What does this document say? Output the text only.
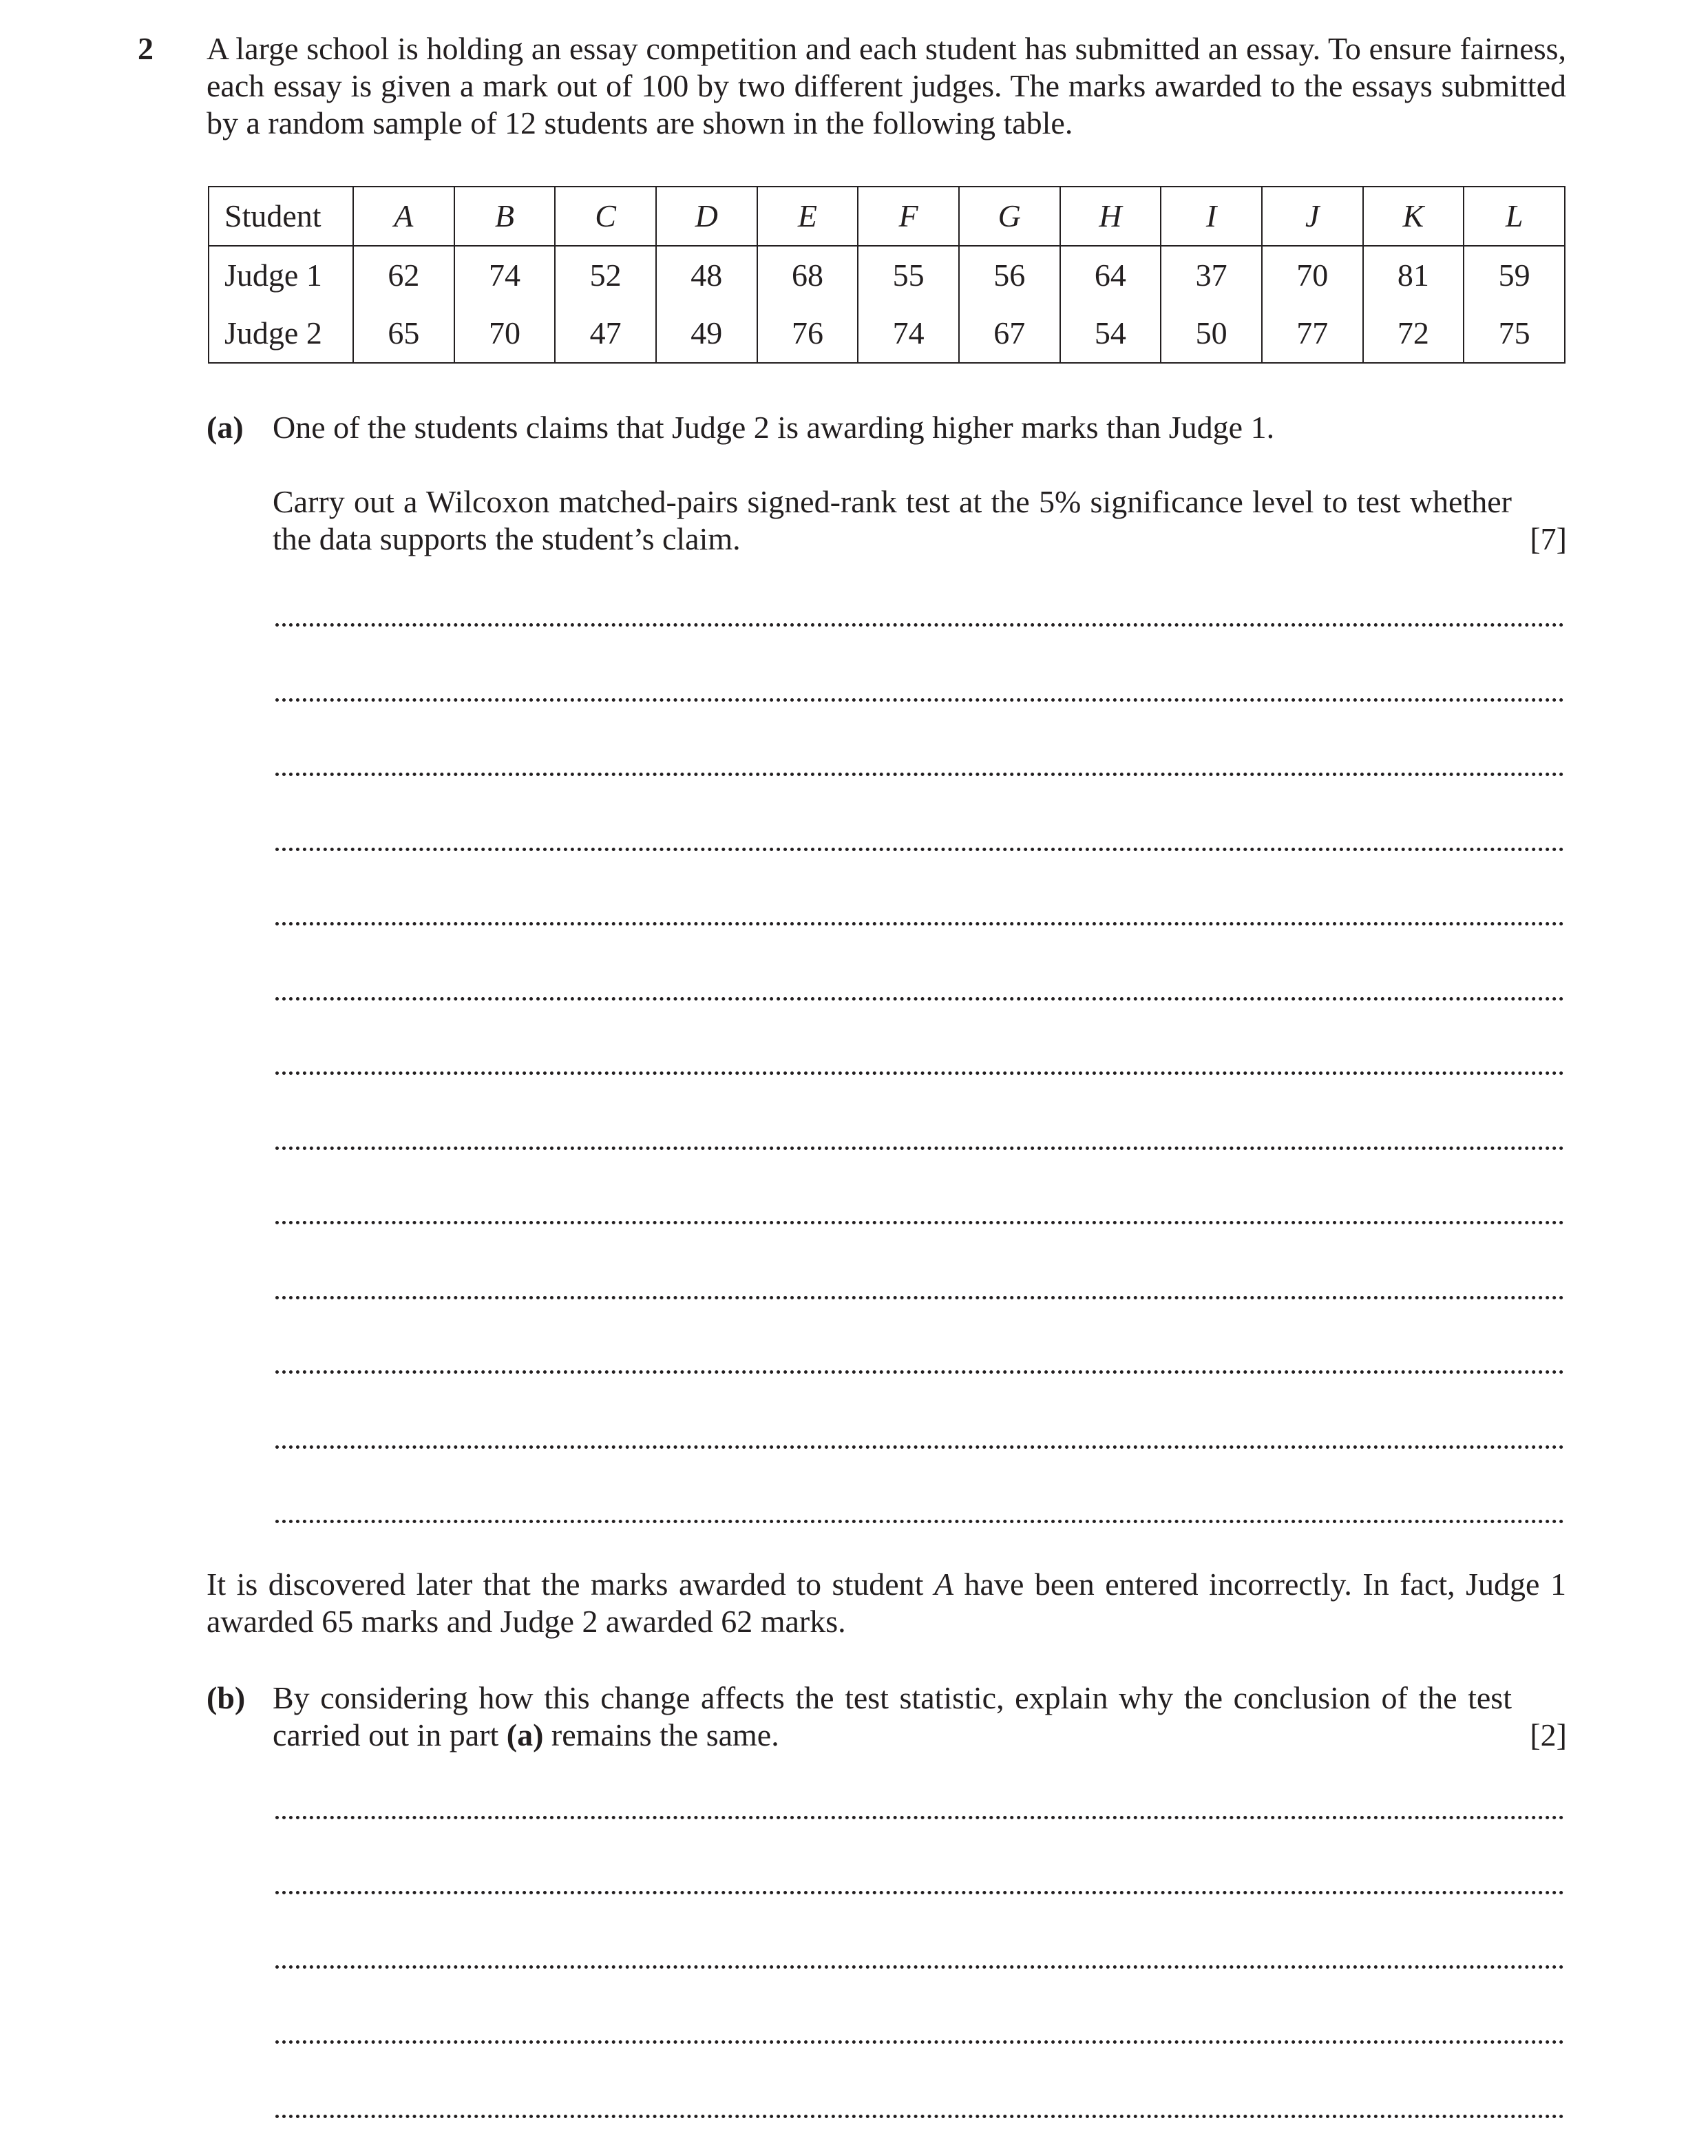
2 A large school is holding an essay competition and each student has submitted an essay. To ensure fairness, each essay is given a mark out of 100 by two different judges. The marks awarded to the essays submitted by a random sample of 12 students are shown in the following table.
Student	A	B	C	D	E	F	G	H	I	J	K	L
Judge 1	62	74	52	48	68	55	56	64	37	70	81	59
Judge 2	65	70	47	49	76	74	67	54	50	77	72	75
(a) One of the students claims that Judge 2 is awarding higher marks than Judge 1.
Carry out a Wilcoxon matched-pairs signed-rank test at the 5% significance level to test whether the data supports the student’s claim.	[7]
It is discovered later that the marks awarded to student A have been entered incorrectly. In fact, Judge 1 awarded 65 marks and Judge 2 awarded 62 marks.
(b) By considering how this change affects the test statistic, explain why the conclusion of the test carried out in part (a) remains the same.	[2]
